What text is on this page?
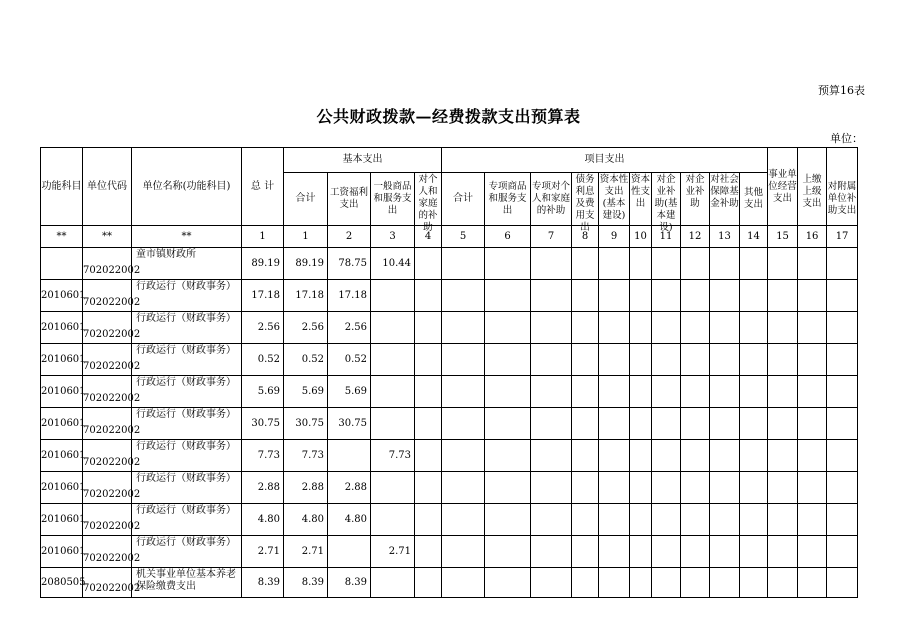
预算16表
公共财政拨款—经费拨款支出预算表
单位：
功能科目	单位代码	单位名称(功能科目)	总 计	基本支出				项目支出										事业单位经营支出	上缴上级支出	对附属单位补助支出

				合计	工资福利支出	一般商品和服务支出	对个人和家庭的补助	合计	专项商品和服务支出	专项对个人和家庭的补助	债务利息及费用支出	资本性支出(基本建设)	资本性支出	对企业补助(基本建设)	对企业补助	对社会保障基金补助	其他支出			
**	**	**	1	1	2	3	4	5	6	7	8	9	10	11	12	13	14	15	16	17
	702022002	童市镇财政所	89.19	89.19	78.75	10.44														
2010601	702022002	行政运行（财政事务）	17.18	17.18	17.18															
2010601	702022002	行政运行（财政事务）	2.56	2.56	2.56															
2010601	702022002	行政运行（财政事务）	0.52	0.52	0.52															
2010601	702022002	行政运行（财政事务）	5.69	5.69	5.69															
2010601	702022002	行政运行（财政事务）	30.75	30.75	30.75															
2010601	702022002	行政运行（财政事务）	7.73	7.73		7.73														
2010601	702022002	行政运行（财政事务）	2.88	2.88	2.88															
2010601	702022002	行政运行（财政事务）	4.80	4.80	4.80															
2010601	702022002	行政运行（财政事务）	2.71	2.71		2.71														
2080505	702022002	机关事业单位基本养老保险缴费支出	8.39	8.39	8.39															
